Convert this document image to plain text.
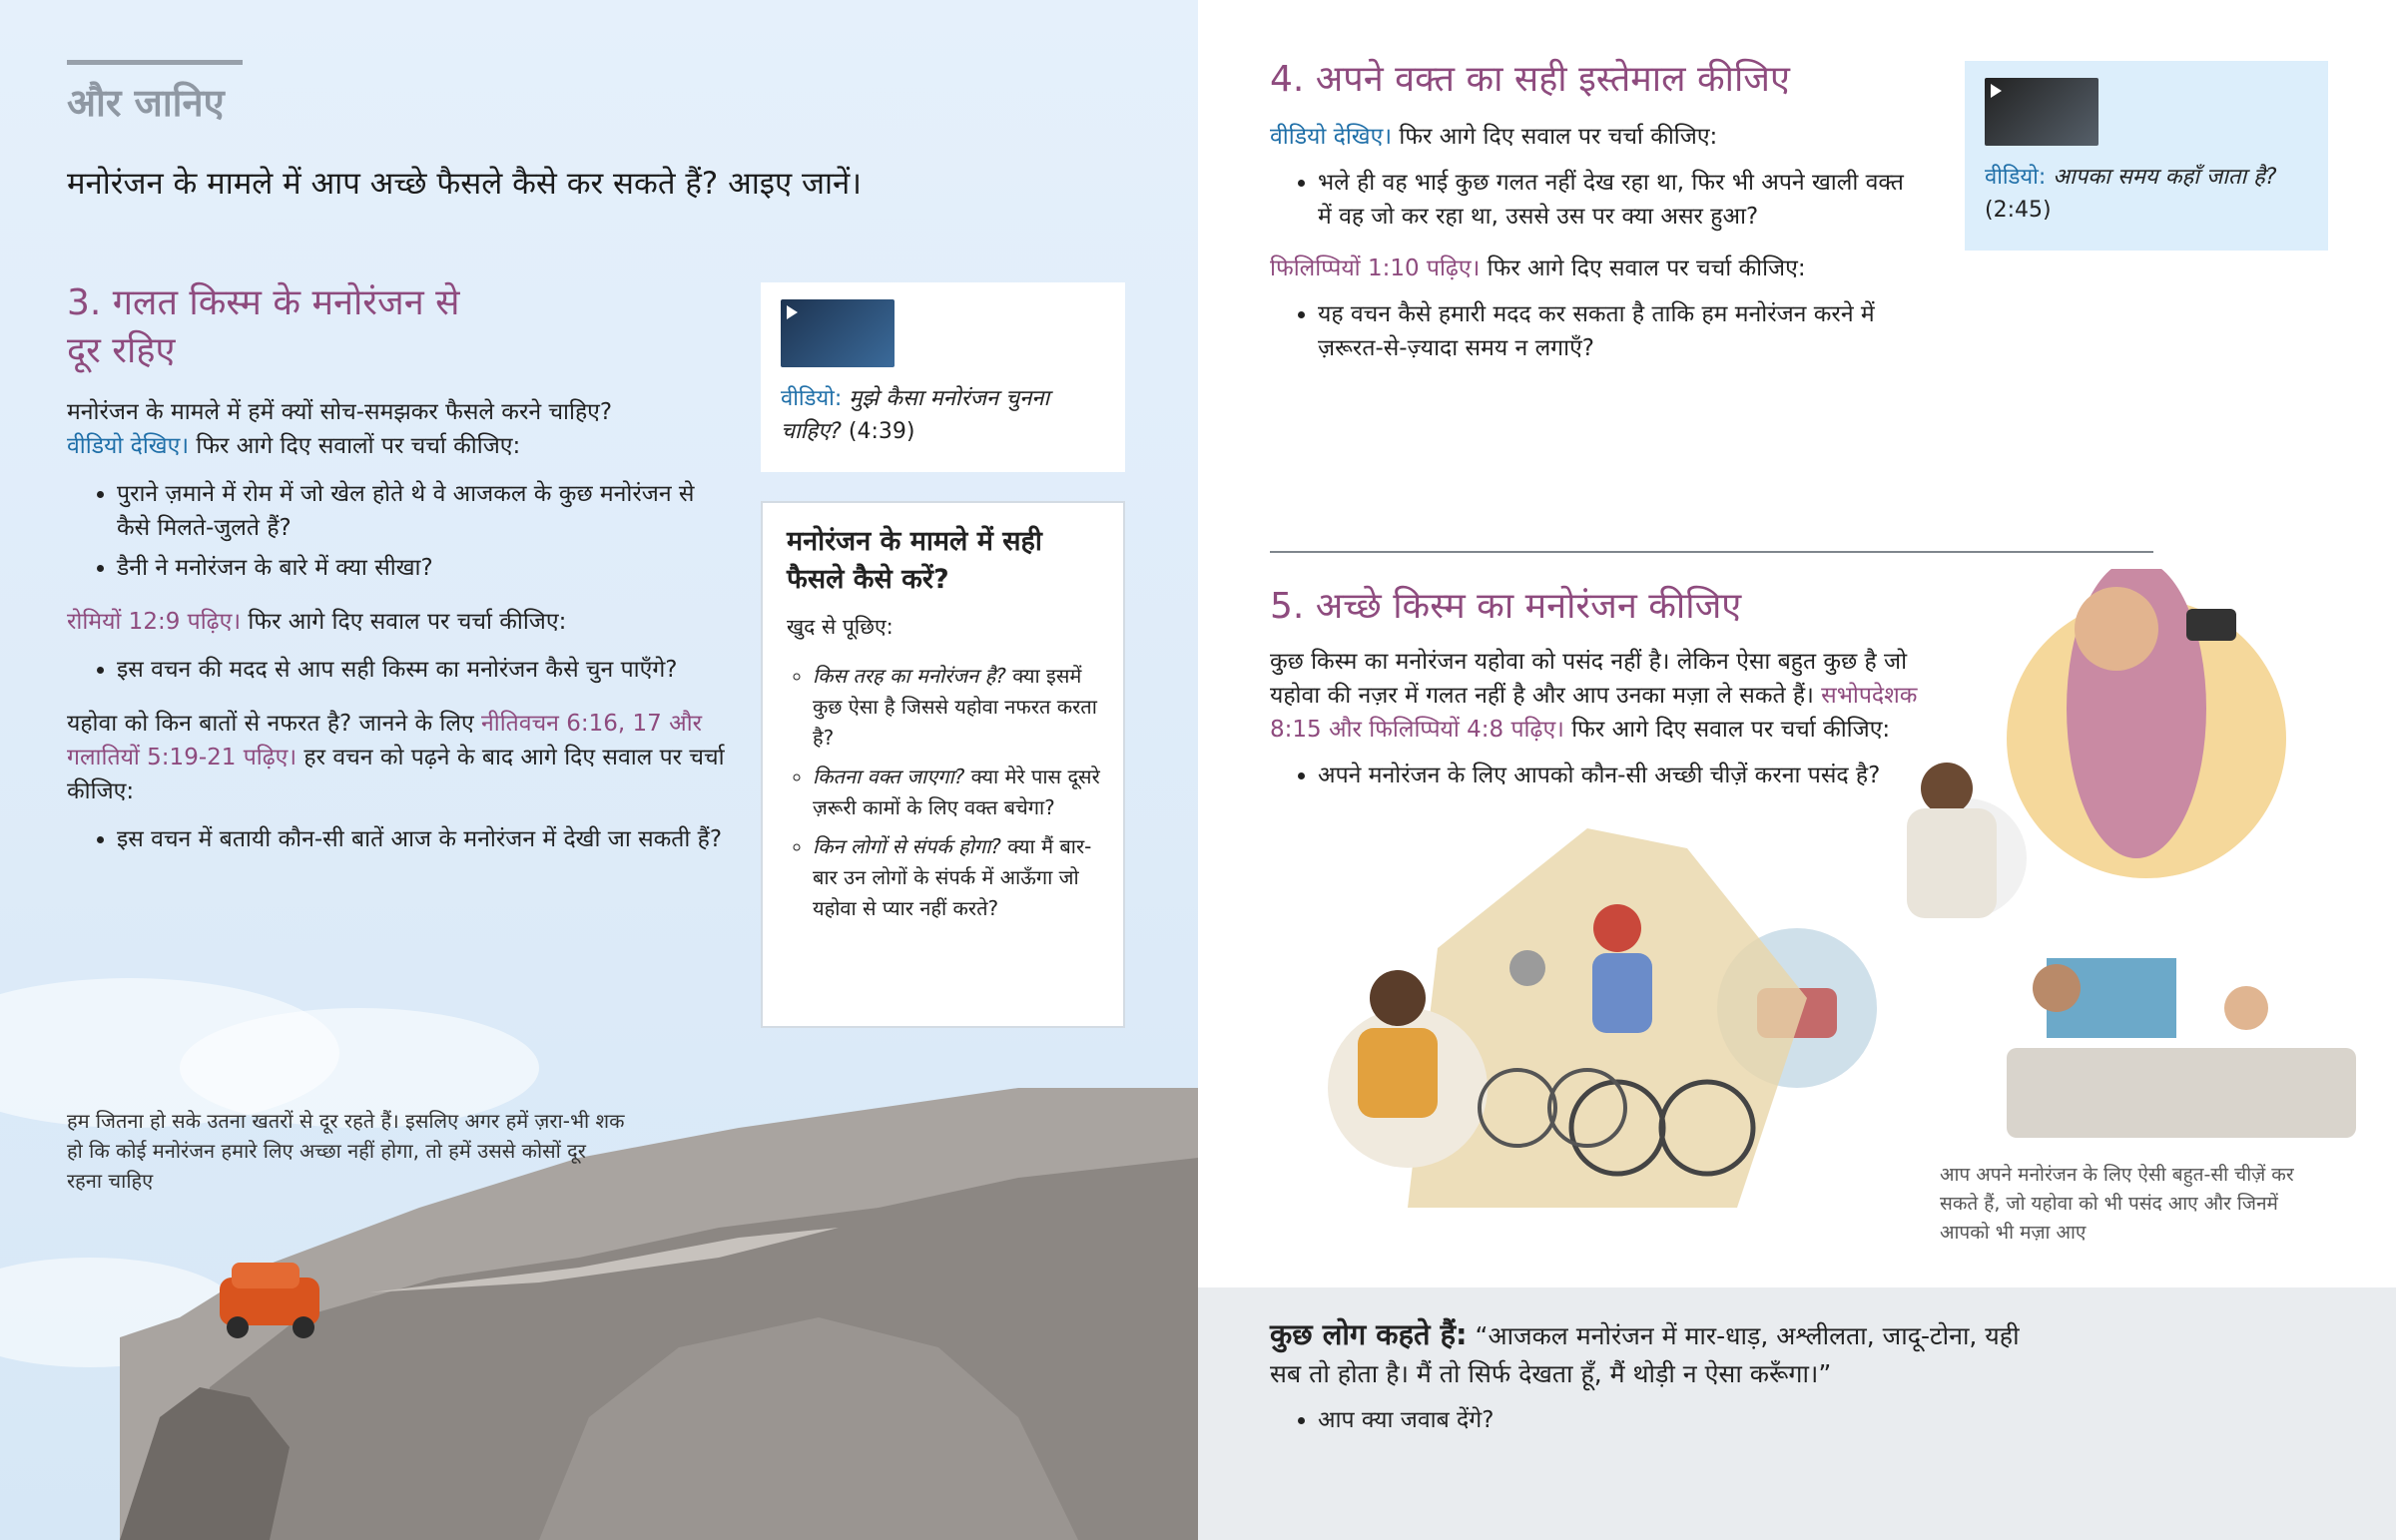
और जानिए
मनोरंजन के मामले में आप अच्छे फैसले कैसे कर सकते हैं? आइए जानें।
3. गलत किस्म के मनोरंजन से
दूर रहिए
मनोरंजन के मामले में हमें क्यों सोच-समझकर फैसले करने चाहिए?
वीडियो देखिए। फिर आगे दिए सवालों पर चर्चा कीजिए:
• पुराने ज़माने में रोम में जो खेल होते थे वे आजकल के कुछ मनोरंजन से कैसे मिलते-जुलते हैं?
• डैनी ने मनोरंजन के बारे में क्या सीखा?
रोमियों 12:9 पढ़िए। फिर आगे दिए सवाल पर चर्चा कीजिए:
• इस वचन की मदद से आप सही किस्म का मनोरंजन कैसे चुन पाएँगे?
यहोवा को किन बातों से नफरत है? जानने के लिए नीतिवचन 6:16, 17 और गलातियों 5:19-21 पढ़िए। हर वचन को पढ़ने के बाद आगे दिए सवाल पर चर्चा कीजिए:
• इस वचन में बतायी कौन-सी बातें आज के मनोरंजन में देखी जा सकती हैं?
वीडियो: मुझे कैसा मनोरंजन चुनना चाहिए? (4:39)
मनोरंजन के मामले में सही फैसले कैसे करें?
खुद से पूछिए:
◦ किस तरह का मनोरंजन है? क्या इसमें कुछ ऐसा है जिससे यहोवा नफरत करता है?
◦ कितना वक्त जाएगा? क्या मेरे पास दूसरे ज़रूरी कामों के लिए वक्त बचेगा?
◦ किन लोगों से संपर्क होगा? क्या मैं बार-बार उन लोगों के संपर्क में आऊँगा जो यहोवा से प्यार नहीं करते?
हम जितना हो सके उतना खतरों से दूर रहते हैं। इसलिए अगर हमें ज़रा-भी शक हो कि कोई मनोरंजन हमारे लिए अच्छा नहीं होगा, तो हमें उससे कोसों दूर रहना चाहिए
4. अपने वक्त का सही इस्तेमाल कीजिए
वीडियो देखिए। फिर आगे दिए सवाल पर चर्चा कीजिए:
• भले ही वह भाई कुछ गलत नहीं देख रहा था, फिर भी अपने खाली वक्त में वह जो कर रहा था, उससे उस पर क्या असर हुआ?
फिलिप्पियों 1:10 पढ़िए। फिर आगे दिए सवाल पर चर्चा कीजिए:
• यह वचन कैसे हमारी मदद कर सकता है ताकि हम मनोरंजन करने में ज़रूरत-से-ज़्यादा समय न लगाएँ?
वीडियो: आपका समय कहाँ जाता है?
(2:45)
5. अच्छे किस्म का मनोरंजन कीजिए
कुछ किस्म का मनोरंजन यहोवा को पसंद नहीं है। लेकिन ऐसा बहुत कुछ है जो यहोवा की नज़र में गलत नहीं है और आप उनका मज़ा ले सकते हैं। सभोपदेशक 8:15 और फिलिप्पियों 4:8 पढ़िए। फिर आगे दिए सवाल पर चर्चा कीजिए:
• अपने मनोरंजन के लिए आपको कौन-सी अच्छी चीज़ें करना पसंद है?
आप अपने मनोरंजन के लिए ऐसी बहुत-सी चीज़ें कर सकते हैं, जो यहोवा को भी पसंद आए और जिनमें आपको भी मज़ा आए
कुछ लोग कहते हैं: “आजकल मनोरंजन में मार-धाड़, अश्लीलता, जादू-टोना, यही सब तो होता है। मैं तो सिर्फ देखता हूँ, मैं थोड़ी न ऐसा करूँगा।”
• आप क्या जवाब देंगे?
